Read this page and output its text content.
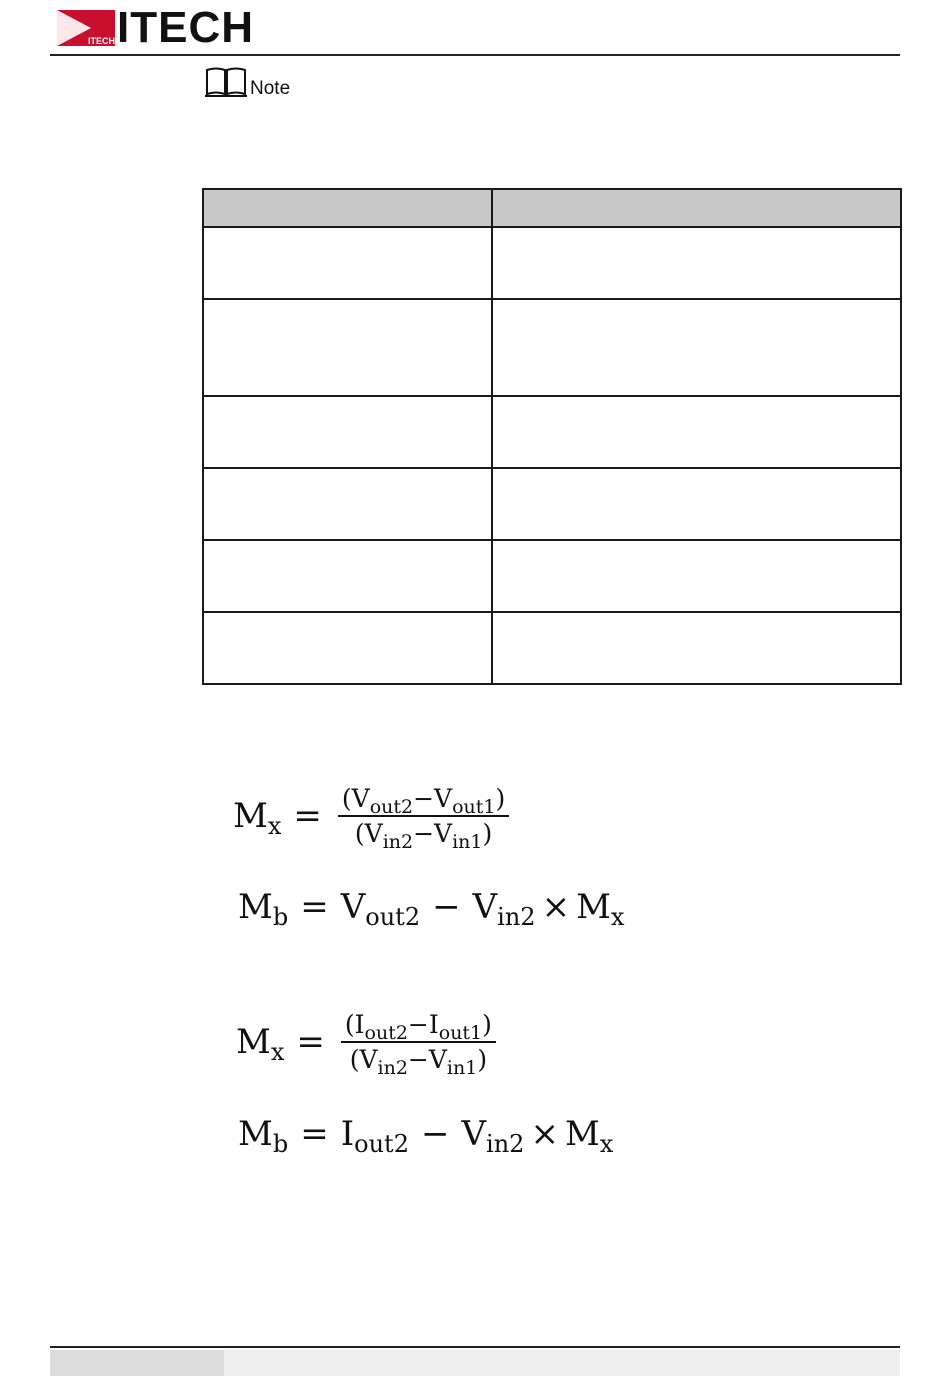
ITECH ITECH
Note

M $x = \frac{\text{(V out2 −V out1 )}}{\text{(V in2 −V in1 )}}$
M b = V out2 − V in2 × M x
M $x = \frac{\text{(I out2 −I out1 )}}{\text{(V in2 −V in1 )}}$
M b = I out2 − V in2 × M x
